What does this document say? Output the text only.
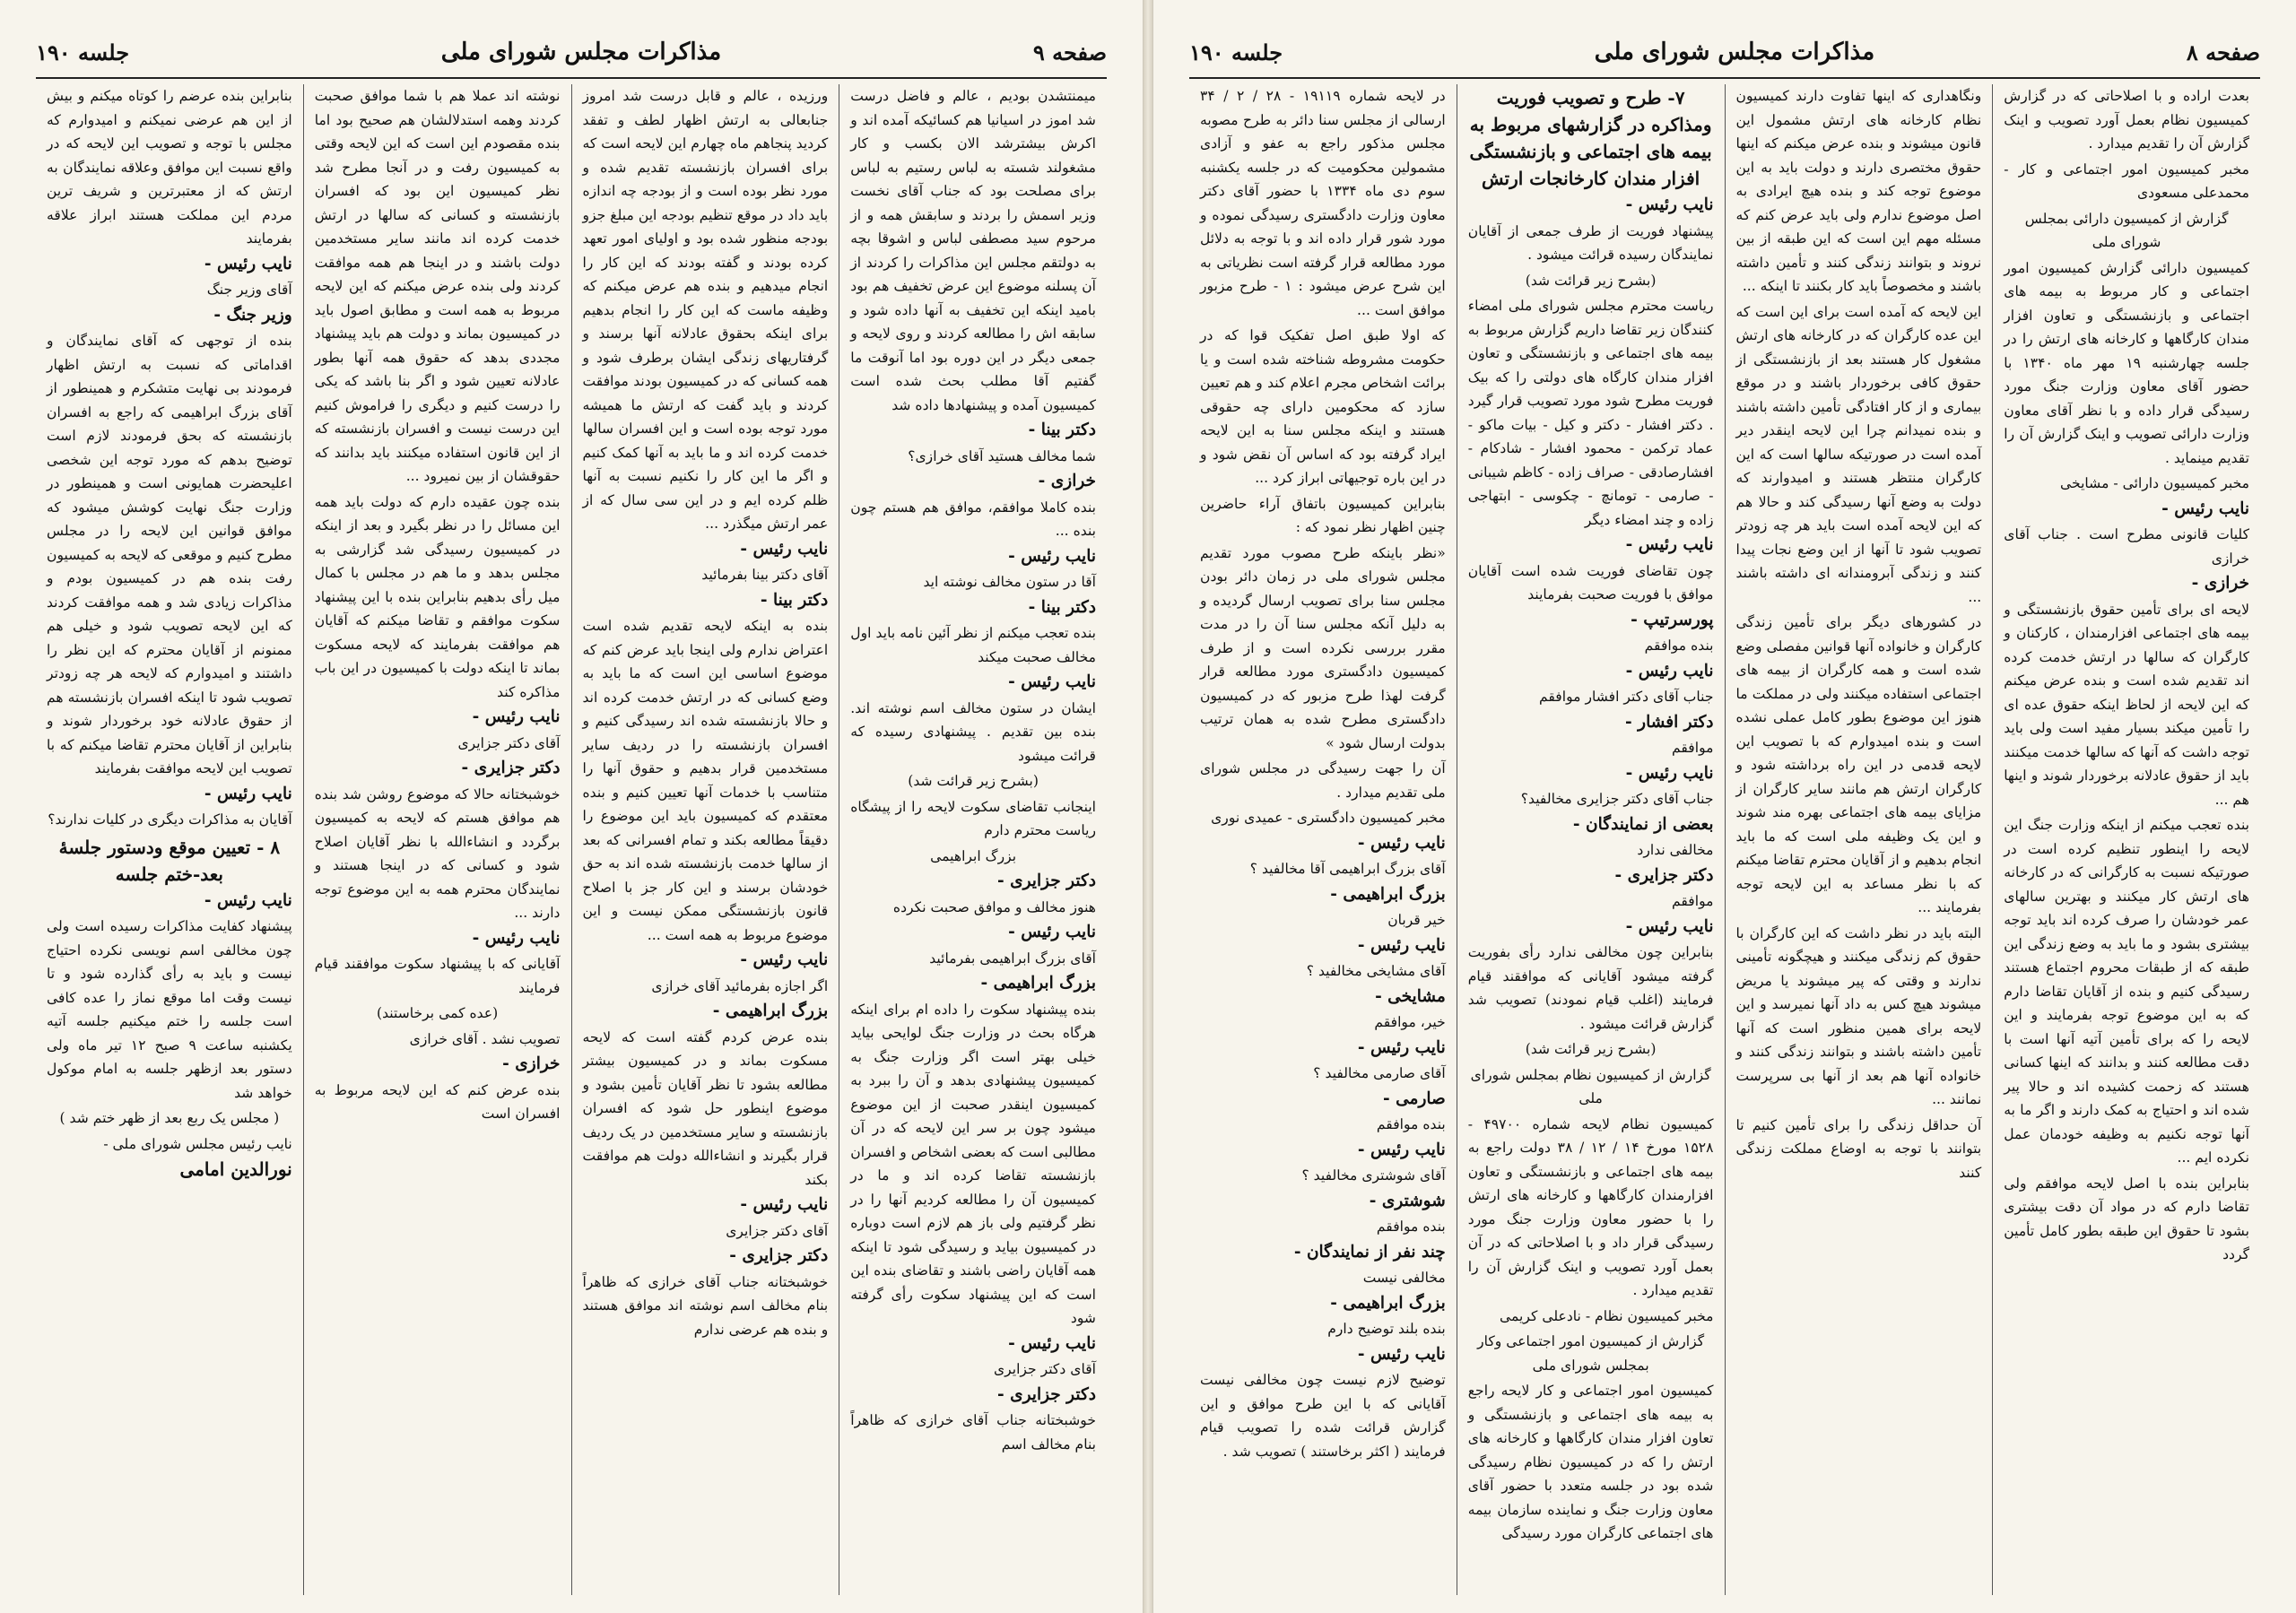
صفحه ۹
مذاکرات مجلس شورای ملی
جلسه ۱۹۰

میمنتشدن بودیم ، عالم و فاضل درست شد اموز در اسیانیا هم کسائیکه آمده اند و اکرش بیشترشد الان بکسب و کار مشغولند شسته به لباس رستیم به لباس برای مصلحت بود که جناب آقای نخست وزیر اسمش را بردند و سابقش همه و از مرحوم سید مصطفی لباس و اشوقا بچه به دولتقم مجلس این مذاکرات را کردند از آن پسلنه موضوع این عرض تخفیف هم بود بامید اینکه این تخفیف به آنها داده شود و سابقه اش را مطالعه کردند و روی لایحه و جمعی دیگر در این دوره بود اما آنوقت ما گفتیم آقا مطلب بحث شده است کمیسیون آمده و پیشنهادها داده شد

دکتر بینا -

شما مخالف هستید آقای خرازی؟

خرازی -

بنده کاملا موافقم، موافق هم هستم چون بنده ...

نایب رئیس -

آقا در ستون مخالف نوشته اید

دکتر بینا -

بنده تعجب میکنم از نظر آئین نامه باید اول مخالف صحبت میکند

نایب رئیس -

ایشان در ستون مخالف اسم نوشته اند. بنده بین تقدیم . پیشنهادی رسیده که قرائت میشود

(بشرح زیر قرائت شد)

اینجانب تقاضای سکوت لایحه را از پیشگاه ریاست محترم دارم

بزرگ ابراهیمی

دکتر جزایری -

هنوز مخالف و موافق صحبت نکرده

نایب رئیس -

آقای بزرگ ابراهیمی بفرمائید

بزرگ ابراهیمی -

بنده پیشنهاد سکوت را داده ام برای اینکه هرگاه بحث در وزارت جنگ لوایحی بیاید خیلی بهتر است اگر وزارت جنگ به کمیسیون پیشنهادی بدهد و آن را ببرد به کمیسیون اینقدر صحبت از این موضوع میشود چون بر سر این لایحه که در آن مطالبی است که بعضی اشخاص و افسران بازنشسته تقاضا کرده اند و ما در کمیسیون آن را مطالعه کردیم آنها را در نظر گرفتیم ولی باز هم لازم است دوباره در کمیسیون بیاید و رسیدگی شود تا اینکه همه آقایان راضی باشند و تقاضای بنده این است که این پیشنهاد سکوت رأی گرفته شود

نایب رئیس -

آقای دکتر جزایری

دکتر جزایری -

خوشبختانه جناب آقای خرازی که ظاهراً بنام مخالف اسم

ورزیده ، عالم و قابل درست شد امروز جنابعالی به ارتش اظهار لطف و تفقد کردید پنجاهم ماه چهارم این لایحه است که برای افسران بازنشسته تقدیم شده و مورد نظر بوده است و از بودجه چه اندازه باید داد در موقع تنظیم بودجه این مبلغ جزو بودجه منظور شده بود و اولیای امور تعهد کرده بودند و گفته بودند که این کار را انجام میدهیم و بنده هم عرض میکنم که وظیفه ماست که این کار را انجام بدهیم برای اینکه بحقوق عادلانه آنها برسند و گرفتاریهای زندگی ایشان برطرف شود و همه کسانی که در کمیسیون بودند موافقت کردند و باید گفت که ارتش ما همیشه مورد توجه بوده است و این افسران سالها خدمت کرده اند و ما باید به آنها کمک کنیم و اگر ما این کار را نکنیم نسبت به آنها ظلم کرده ایم و در این سی سال که از عمر ارتش میگذرد ...

نایب رئیس -

آقای دکتر بینا بفرمائید

دکتر بینا -

بنده به اینکه لایحه تقدیم شده است اعتراض ندارم ولی اینجا باید عرض کنم که موضوع اساسی این است که ما باید به وضع کسانی که در ارتش خدمت کرده اند و حالا بازنشسته شده اند رسیدگی کنیم و افسران بازنشسته را در ردیف سایر مستخدمین قرار بدهیم و حقوق آنها را متناسب با خدمات آنها تعیین کنیم و بنده معتقدم که کمیسیون باید این موضوع را دقیقاً مطالعه بکند و تمام افسرانی که بعد از سالها خدمت بازنشسته شده اند به حق خودشان برسند و این کار جز با اصلاح قانون بازنشستگی ممکن نیست و این موضوع مربوط به همه است ...

نایب رئیس -

اگر اجازه بفرمائید آقای خرازی

بزرگ ابراهیمی -

بنده عرض کردم گفته است که لایحه مسکوت بماند و در کمیسیون بیشتر مطالعه بشود تا نظر آقایان تأمین بشود و موضوع اینطور حل شود که افسران بازنشسته و سایر مستخدمین در یک ردیف قرار بگیرند و انشاءالله دولت هم موافقت بکند

نایب رئیس -

آقای دکتر جزایری

دکتر جزایری -

خوشبختانه جناب آقای خرازی که ظاهراً بنام مخالف اسم نوشته اند موافق هستند و بنده هم عرضی ندارم

نوشته اند عملا هم با شما موافق صحبت کردند وهمه استدلالشان هم صحیح بود اما بنده مقصودم این است که این لایحه وقتی به کمیسیون رفت و در آنجا مطرح شد نظر کمیسیون این بود که افسران بازنشسته و کسانی که سالها در ارتش خدمت کرده اند مانند سایر مستخدمین دولت باشند و در اینجا هم همه موافقت کردند ولی بنده عرض میکنم که این لایحه مربوط به همه است و مطابق اصول باید در کمیسیون بماند و دولت هم باید پیشنهاد مجددی بدهد که حقوق همه آنها بطور عادلانه تعیین شود و اگر بنا باشد که یکی را درست کنیم و دیگری را فراموش کنیم این درست نیست و افسران بازنشسته که از این قانون استفاده میکنند باید بدانند که حقوقشان از بین نمیرود ...

بنده چون عقیده دارم که دولت باید همه این مسائل را در نظر بگیرد و بعد از اینکه در کمیسیون رسیدگی شد گزارشی به مجلس بدهد و ما هم در مجلس با کمال میل رأی بدهیم بنابراین بنده با این پیشنهاد سکوت موافقم و تقاضا میکنم که آقایان هم موافقت بفرمایند که لایحه مسکوت بماند تا اینکه دولت با کمیسیون در این باب مذاکره کند

نایب رئیس -

آقای دکتر جزایری

دکتر جزایری -

خوشبختانه حالا که موضوع روشن شد بنده هم موافق هستم که لایحه به کمیسیون برگردد و انشاءالله با نظر آقایان اصلاح شود و کسانی که در اینجا هستند و نمایندگان محترم همه به این موضوع توجه دارند ...

نایب رئیس -

آقایانی که با پیشنهاد سکوت موافقند قیام فرمایند

(عده کمی برخاستند)

تصویب نشد . آقای خرازی

خرازی -

بنده عرض کنم که این لایحه مربوط به افسران است

بنابراین بنده عرضم را کوتاه میکنم و بیش از این هم عرضی نمیکنم و امیدوارم که مجلس با توجه و تصویب این لایحه که در واقع نسبت این موافق وعلاقه نمایندگان به ارتش که از معتبرترین و شریف ترین مردم این مملکت هستند ابراز علاقه بفرمایند

نایب رئیس -

آقای وزیر جنگ

وزیر جنگ -

بنده از توجهی که آقای نمایندگان و اقداماتی که نسبت به ارتش اظهار فرمودند بی نهایت متشکرم و همینطور از آقای بزرگ ابراهیمی که راجع به افسران بازنشسته که بحق فرمودند لازم است توضیح بدهم که مورد توجه این شخصی اعلیحضرت همایونی است و همینطور در وزارت جنگ نهایت کوشش میشود که موافق قوانین این لایحه را در مجلس مطرح کنیم و موقعی که لایحه به کمیسیون رفت بنده هم در کمیسیون بودم و مذاکرات زیادی شد و همه موافقت کردند که این لایحه تصویب شود و خیلی هم ممنونم از آقایان محترم که این نظر را داشتند و امیدوارم که لایحه هر چه زودتر تصویب شود تا اینکه افسران بازنشسته هم از حقوق عادلانه خود برخوردار شوند و بنابراین از آقایان محترم تقاضا میکنم که با تصویب این لایحه موافقت بفرمایند

نایب رئیس -

آقایان به مذاکرات دیگری در کلیات ندارند؟

۸ - تعیین موقع ودستور جلسهٔ بعد-ختم جلسه

نایب رئیس -

پیشنهاد کفایت مذاکرات رسیده است ولی چون مخالفی اسم نویسی نکرده احتیاج نیست و باید به رأی گذارده شود و تا نیست وقت اما موقع نماز را عده کافی است جلسه را ختم میکنیم جلسه آتیه یکشنبه ساعت ۹ صبح ۱۲ تیر ماه ولی دستور بعد ازظهر جلسه به امام موکول خواهد شد

( مجلس یک ربع بعد از ظهر ختم شد )

نایب رئیس مجلس شورای ملی -

نورالدین امامی

صفحه ۸
مذاکرات مجلس شورای ملی
جلسه ۱۹۰

بعدت اراده و با اصلاحاتی که در گزارش کمیسیون نظام بعمل آورد تصویب و اینک گزارش آن را تقدیم میدارد .

مخبر کمیسیون امور اجتماعی و کار - محمدعلی مسعودی

گزارش از کمیسیون دارائی بمجلس شورای ملی

کمیسیون دارائی گزارش کمیسیون امور اجتماعی و کار مربوط به بیمه های اجتماعی و بازنشستگی و تعاون افزار مندان کارگاهها و کارخانه های ارتش را در جلسه چهارشنبه ۱۹ مهر ماه ۱۳۴۰ با حضور آقای معاون وزارت جنگ مورد رسیدگی قرار داده و با نظر آقای معاون وزارت دارائی تصویب و اینک گزارش آن را تقدیم مینماید .

مخبر کمیسیون دارائی - مشایخی

نایب رئیس -

کلیات قانونی مطرح است . جناب آقای خرازی

خرازی -

لایحه ای برای تأمین حقوق بازنشستگی و بیمه های اجتماعی افزارمندان ، کارکنان و کارگران که سالها در ارتش خدمت کرده اند تقدیم شده است و بنده عرض میکنم که این لایحه از لحاظ اینکه حقوق عده ای را تأمین میکند بسیار مفید است ولی باید توجه داشت که آنها که سالها خدمت میکنند باید از حقوق عادلانه برخوردار شوند و اینها هم ...

بنده تعجب میکنم از اینکه وزارت جنگ این لایحه را اینطور تنظیم کرده است در صورتیکه نسبت به کارگرانی که در کارخانه های ارتش کار میکنند و بهترین سالهای عمر خودشان را صرف کرده اند باید توجه بیشتری بشود و ما باید به وضع زندگی این طبقه که از طبقات محروم اجتماع هستند رسیدگی کنیم و بنده از آقایان تقاضا دارم که به این موضوع توجه بفرمایند و این لایحه را که برای تأمین آتیه آنها است با دقت مطالعه کنند و بدانند که اینها کسانی هستند که زحمت کشیده اند و حالا پیر شده اند و احتیاج به کمک دارند و اگر ما به آنها توجه نکنیم به وظیفه خودمان عمل نکرده ایم ...

بنابراین بنده با اصل لایحه موافقم ولی تقاضا دارم که در مواد آن دقت بیشتری بشود تا حقوق این طبقه بطور کامل تأمین گردد

ونگاهداری که اینها تفاوت دارند کمیسیون نظام کارخانه های ارتش مشمول این قانون میشوند و بنده عرض میکنم که اینها حقوق مختصری دارند و دولت باید به این موضوع توجه کند و بنده هیچ ایرادی به اصل موضوع ندارم ولی باید عرض کنم که مسئله مهم این است که این طبقه از بین نروند و بتوانند زندگی کنند و تأمین داشته باشند و مخصوصاً باید کار بکنند تا اینکه ...

این لایحه که آمده است برای این است که این عده کارگران که در کارخانه های ارتش مشغول کار هستند بعد از بازنشستگی از حقوق کافی برخوردار باشند و در موقع بیماری و از کار افتادگی تأمین داشته باشند و بنده نمیدانم چرا این لایحه اینقدر دیر آمده است در صورتیکه سالها است که این کارگران منتظر هستند و امیدوارند که دولت به وضع آنها رسیدگی کند و حالا هم که این لایحه آمده است باید هر چه زودتر تصویب شود تا آنها از این وضع نجات پیدا کنند و زندگی آبرومندانه ای داشته باشند ...

در کشورهای دیگر برای تأمین زندگی کارگران و خانواده آنها قوانین مفصلی وضع شده است و همه کارگران از بیمه های اجتماعی استفاده میکنند ولی در مملکت ما هنوز این موضوع بطور کامل عملی نشده است و بنده امیدوارم که با تصویب این لایحه قدمی در این راه برداشته شود و کارگران ارتش هم مانند سایر کارگران از مزایای بیمه های اجتماعی بهره مند شوند و این یک وظیفه ملی است که ما باید انجام بدهیم و از آقایان محترم تقاضا میکنم که با نظر مساعد به این لایحه توجه بفرمایند ...

البته باید در نظر داشت که این کارگران با حقوق کم زندگی میکنند و هیچگونه تأمینی ندارند و وقتی که پیر میشوند یا مریض میشوند هیچ کس به داد آنها نمیرسد و این لایحه برای همین منظور است که آنها تأمین داشته باشند و بتوانند زندگی کنند و خانواده آنها هم بعد از آنها بی سرپرست نمانند ...

آن حداقل زندگی را برای تأمین کنیم تا بتوانند با توجه به اوضاع مملکت زندگی کنند

۷- طرح و تصویب فوریت ومذاکره در گزارشهای مربوط به بیمه های اجتماعی و بازنشستگی افزار مندان کارخانجات ارتش

نایب رئیس -

پیشنهاد فوریت از طرف جمعی از آقایان نمایندگان رسیده قرائت میشود .

(بشرح زیر قرائت شد)

ریاست محترم مجلس شورای ملی امضاء کنندگان زیر تقاضا داریم گزارش مربوط به بیمه های اجتماعی و بازنشستگی و تعاون افزار مندان کارگاه های دولتی را که بیک فوریت مطرح شود مورد تصویب قرار گیرد . دکتر افشار - دکتر و کیل - بیات ماکو - عماد ترکمن - محمود افشار - شادکام - افشارصادقی - صراف زاده - کاظم شیبانی - صارمی - تومانچ - چکوسی - ابتهاجی زاده و چند امضاء دیگر

نایب رئیس -

چون تقاضای فوریت شده است آقایان موافق با فوریت صحبت بفرمایند

پورسرتیپ -

بنده موافقم

نایب رئیس -

جناب آقای دکتر افشار موافقم

دکتر افشار -

موافقم

نایب رئیس -

جناب آقای دکتر جزایری مخالفید؟

بعضی از نمایندگان -

مخالفی ندارد

دکتر جزایری -

موافقم

نایب رئیس -

بنابراین چون مخالفی ندارد رأی بفوریت گرفته میشود آقایانی که موافقند قیام فرمایند (اغلب قیام نمودند) تصویب شد گزارش قرائت میشود .

(بشرح زیر قرائت شد)

گزارش از کمیسیون نظام بمجلس شورای ملی

کمیسیون نظام لایحه شماره ۴۹۷۰۰ - ۱۵۲۸ مورخ ۱۴ / ۱۲ / ۳۸ دولت راجع به بیمه های اجتماعی و بازنشستگی و تعاون افزارمندان کارگاهها و کارخانه های ارتش را با حضور معاون وزارت جنگ مورد رسیدگی قرار داد و با اصلاحاتی که در آن بعمل آورد تصویب و اینک گزارش آن را تقدیم میدارد .

مخبر کمیسیون نظام - نادعلی کریمی

گزارش از کمیسیون امور اجتماعی وکار بمجلس شورای ملی

کمیسیون امور اجتماعی و کار لایحه راجع به بیمه های اجتماعی و بازنشستگی و تعاون افزار مندان کارگاهها و کارخانه های ارتش را که در کمیسیون نظام رسیدگی شده بود در جلسه متعدد با حضور آقای معاون وزارت جنگ و نماینده سازمان بیمه های اجتماعی کارگران مورد رسیدگی

در لایحه شماره ۱۹۱۱۹ - ۲۸ / ۲ / ۳۴ ارسالی از مجلس سنا دائر به طرح مصوبه مجلس مذکور راجع به عفو و آزادی مشمولین محکومیت که در جلسه یکشنبه سوم دی ماه ۱۳۳۴ با حضور آقای دکتر معاون وزارت دادگستری رسیدگی نموده و مورد شور قرار داده اند و با توجه به دلائل مورد مطالعه قرار گرفته است نظریاتی به این شرح عرض میشود : ۱ - طرح مزبور موافق است ...

که اولا طبق اصل تفکیک قوا که در حکومت مشروطه شناخته شده است و یا برائت اشخاص مجرم اعلام کند و هم تعیین سازد که محکومین دارای چه حقوقی هستند و اینکه مجلس سنا به این لایحه ایراد گرفته بود که اساس آن نقض شود و در این باره توجیهاتی ابراز کرد ...

بنابراین کمیسیون باتفاق آراء حاضرین چنین اظهار نظر نمود که :

«نظر باینکه طرح مصوب مورد تقدیم مجلس شورای ملی در زمان دائر بودن مجلس سنا برای تصویب ارسال گردیده و به دلیل آنکه مجلس سنا آن را در مدت مقرر بررسی نکرده است و از طرف کمیسیون دادگستری مورد مطالعه قرار گرفت لهذا طرح مزبور که در کمیسیون دادگستری مطرح شده به همان ترتیب بدولت ارسال شود »

آن را جهت رسیدگی در مجلس شورای ملی تقدیم میدارد .

مخبر کمیسیون دادگستری - عمیدی نوری

نایب رئیس -

آقای بزرگ ابراهیمی آقا مخالفید ؟

بزرگ ابراهیمی -

خیر قربان

نایب رئیس -

آقای مشایخی مخالفید ؟

مشایخی -

خیر، موافقم

نایب رئیس -

آقای صارمی مخالفید ؟

صارمی -

بنده موافقم

نایب رئیس -

آقای شوشتری مخالفید ؟

شوشتری -

بنده موافقم

چند نفر از نمایندگان -

مخالفی نیست

بزرگ ابراهیمی -

بنده بلند توضیح دارم

نایب رئیس -

توضیح لازم نیست چون مخالفی نیست آقایانی که با این طرح موافق و این گزارش قرائت شده را تصویب قیام فرمایند ( اکثر برخاستند ) تصویب شد .
